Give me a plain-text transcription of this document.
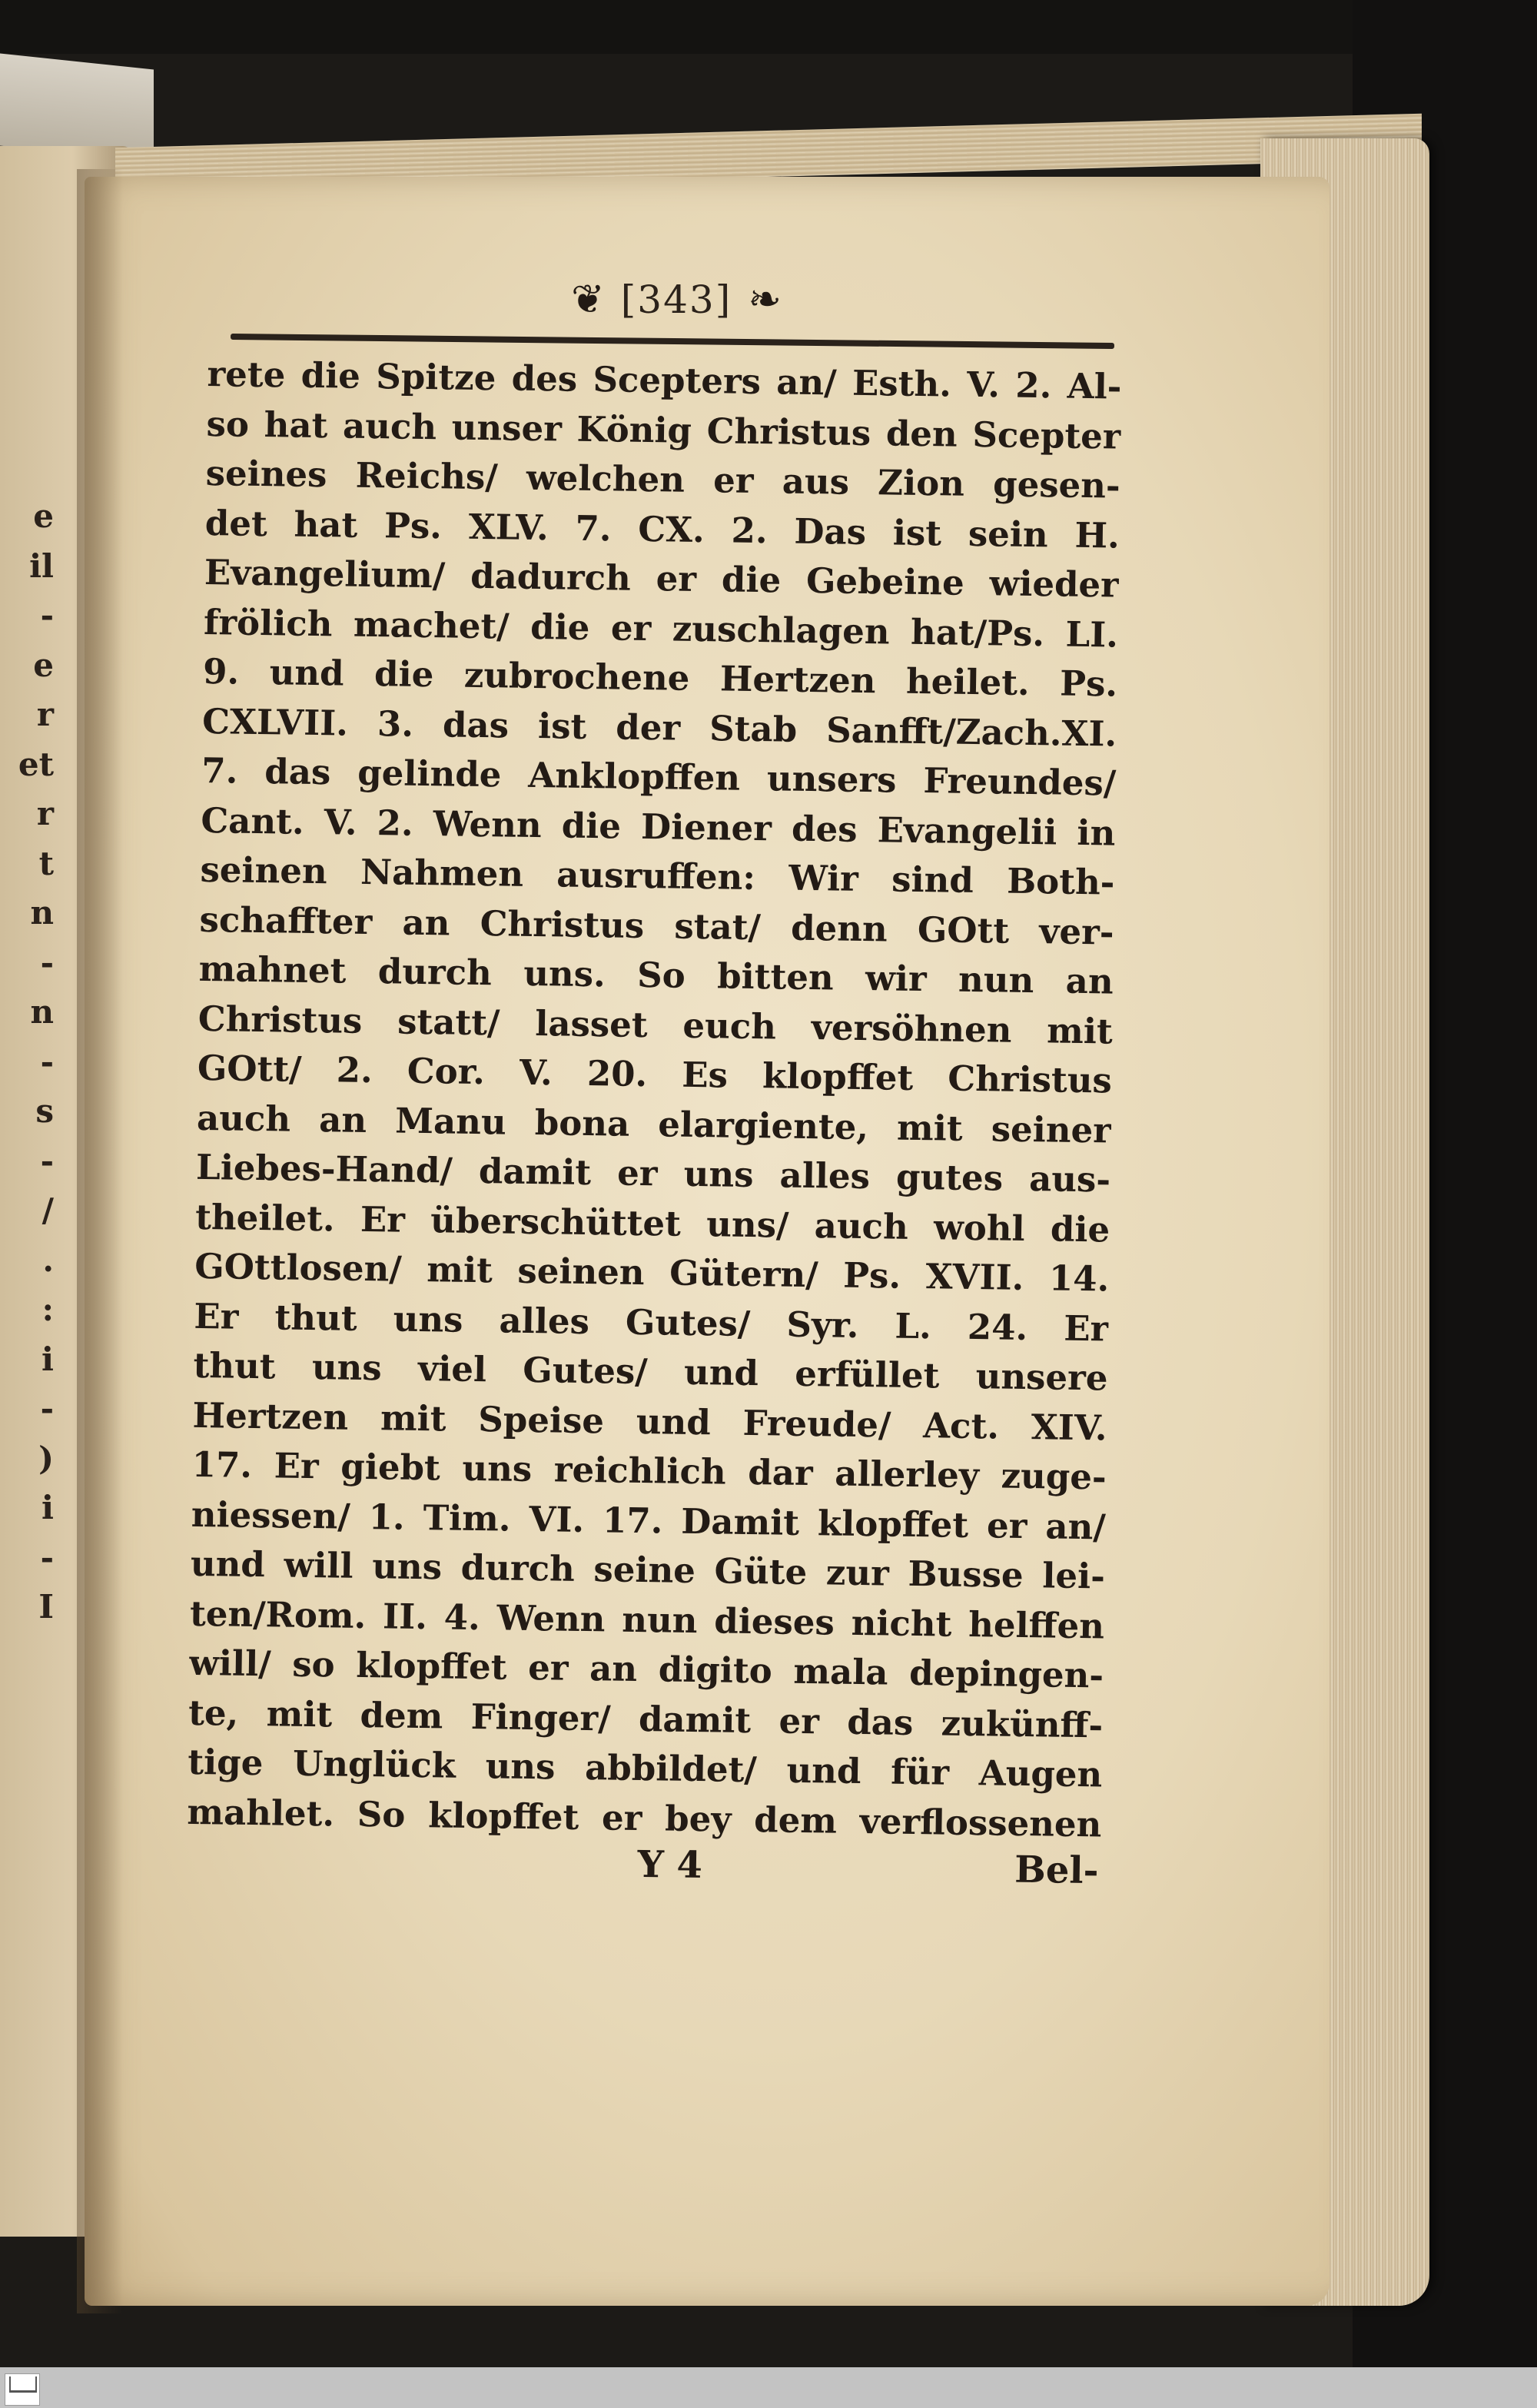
e
il
-
e
r
et
r
t
n
-
n
-
s
-
/
.
:
i
-
)
i
-
I
❦ [343] ❧
rete die Spitze des Scepters an/ Esth. V. 2. Al-
so hat auch unser König Christus den Scepter
seines Reichs/ welchen er aus Zion gesen-
det hat Ps. XLV. 7. CX. 2. Das ist sein H.
Evangelium/ dadurch er die Gebeine wieder
frölich machet/ die er zuschlagen hat/Ps. LI.
9. und die zubrochene Hertzen heilet. Ps.
CXLVII. 3. das ist der Stab Sanfft/Zach.XI.
7. das gelinde Anklopffen unsers Freundes/
Cant. V. 2. Wenn die Diener des Evangelii in
seinen Nahmen ausruffen: Wir sind Both-
schaffter an Christus stat/ denn GOtt ver-
mahnet durch uns. So bitten wir nun an
Christus statt/ lasset euch versöhnen mit
GOtt/ 2. Cor. V. 20. Es klopffet Christus
auch an Manu bona elargiente, mit seiner
Liebes-Hand/ damit er uns alles gutes aus-
theilet. Er überschüttet uns/ auch wohl die
GOttlosen/ mit seinen Gütern/ Ps. XVII. 14.
Er thut uns alles Gutes/ Syr. L. 24. Er
thut uns viel Gutes/ und erfüllet unsere
Hertzen mit Speise und Freude/ Act. XIV.
17. Er giebt uns reichlich dar allerley zuge-
niessen/ 1. Tim. VI. 17. Damit klopffet er an/
und will uns durch seine Güte zur Busse lei-
ten/Rom. II. 4. Wenn nun dieses nicht helffen
will/ so klopffet er an digito mala depingen-
te, mit dem Finger/ damit er das zukünff-
tige Unglück uns abbildet/ und für Augen
mahlet. So klopffet er bey dem verflossenen
Y 4	Bel-
